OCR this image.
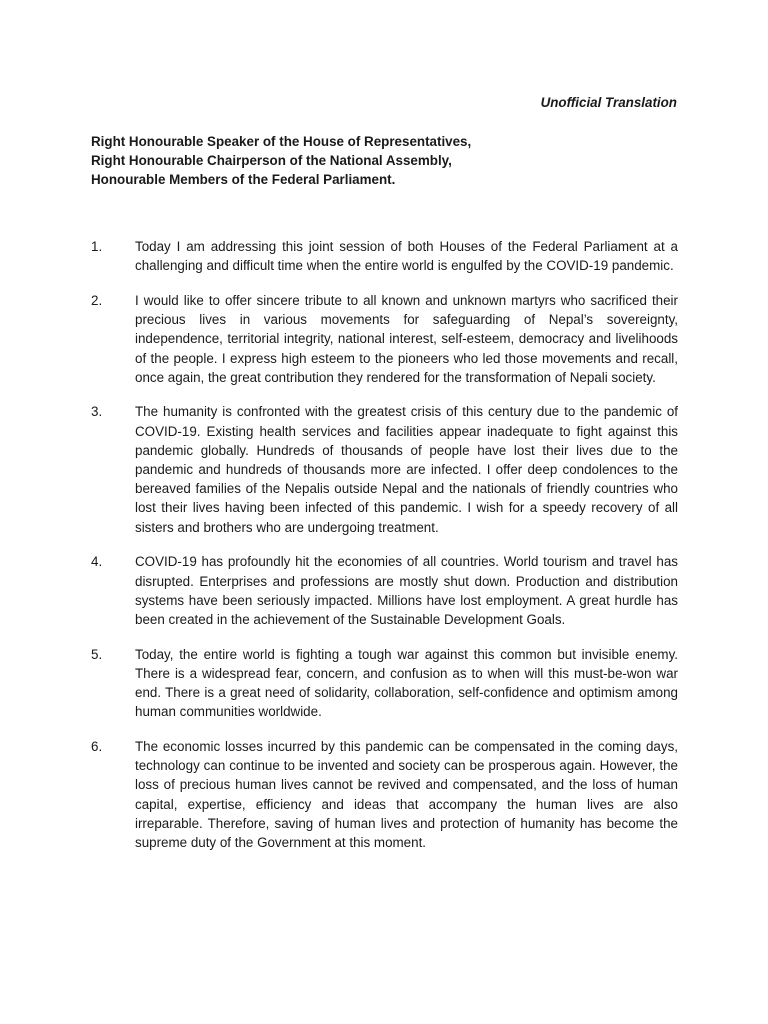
Unofficial Translation
Right Honourable Speaker of the House of Representatives,
Right Honourable Chairperson of the National Assembly,
Honourable Members of the Federal Parliament.
1.	Today I am addressing this joint session of both Houses of the Federal Parliament at a challenging and difficult time when the entire world is engulfed by the COVID-19 pandemic.
2.	I would like to offer sincere tribute to all known and unknown martyrs who sacrificed their precious lives in various movements for safeguarding of Nepal’s sovereignty, independence, territorial integrity, national interest, self-esteem, democracy and livelihoods of the people. I express high esteem to the pioneers who led those movements and recall, once again, the great contribution they rendered for the transformation of Nepali society.
3.	The humanity is confronted with the greatest crisis of this century due to the pandemic of COVID-19. Existing health services and facilities appear inadequate to fight against this pandemic globally. Hundreds of thousands of people have lost their lives due to the pandemic and hundreds of thousands more are infected. I offer deep condolences to the bereaved families of the Nepalis outside Nepal and the nationals of friendly countries who lost their lives having been infected of this pandemic. I wish for a speedy recovery of all sisters and brothers who are undergoing treatment.
4.	COVID-19 has profoundly hit the economies of all countries. World tourism and travel has disrupted. Enterprises and professions are mostly shut down. Production and distribution systems have been seriously impacted. Millions have lost employment. A great hurdle has been created in the achievement of the Sustainable Development Goals.
5.	Today, the entire world is fighting a tough war against this common but invisible enemy. There is a widespread fear, concern, and confusion as to when will this must-be-won war end. There is a great need of solidarity, collaboration, self-confidence and optimism among human communities worldwide.
6.	The economic losses incurred by this pandemic can be compensated in the coming days, technology can continue to be invented and society can be prosperous again. However, the loss of precious human lives cannot be revived and compensated, and the loss of human capital, expertise, efficiency and ideas that accompany the human lives are also irreparable. Therefore, saving of human lives and protection of humanity has become the supreme duty of the Government at this moment.
